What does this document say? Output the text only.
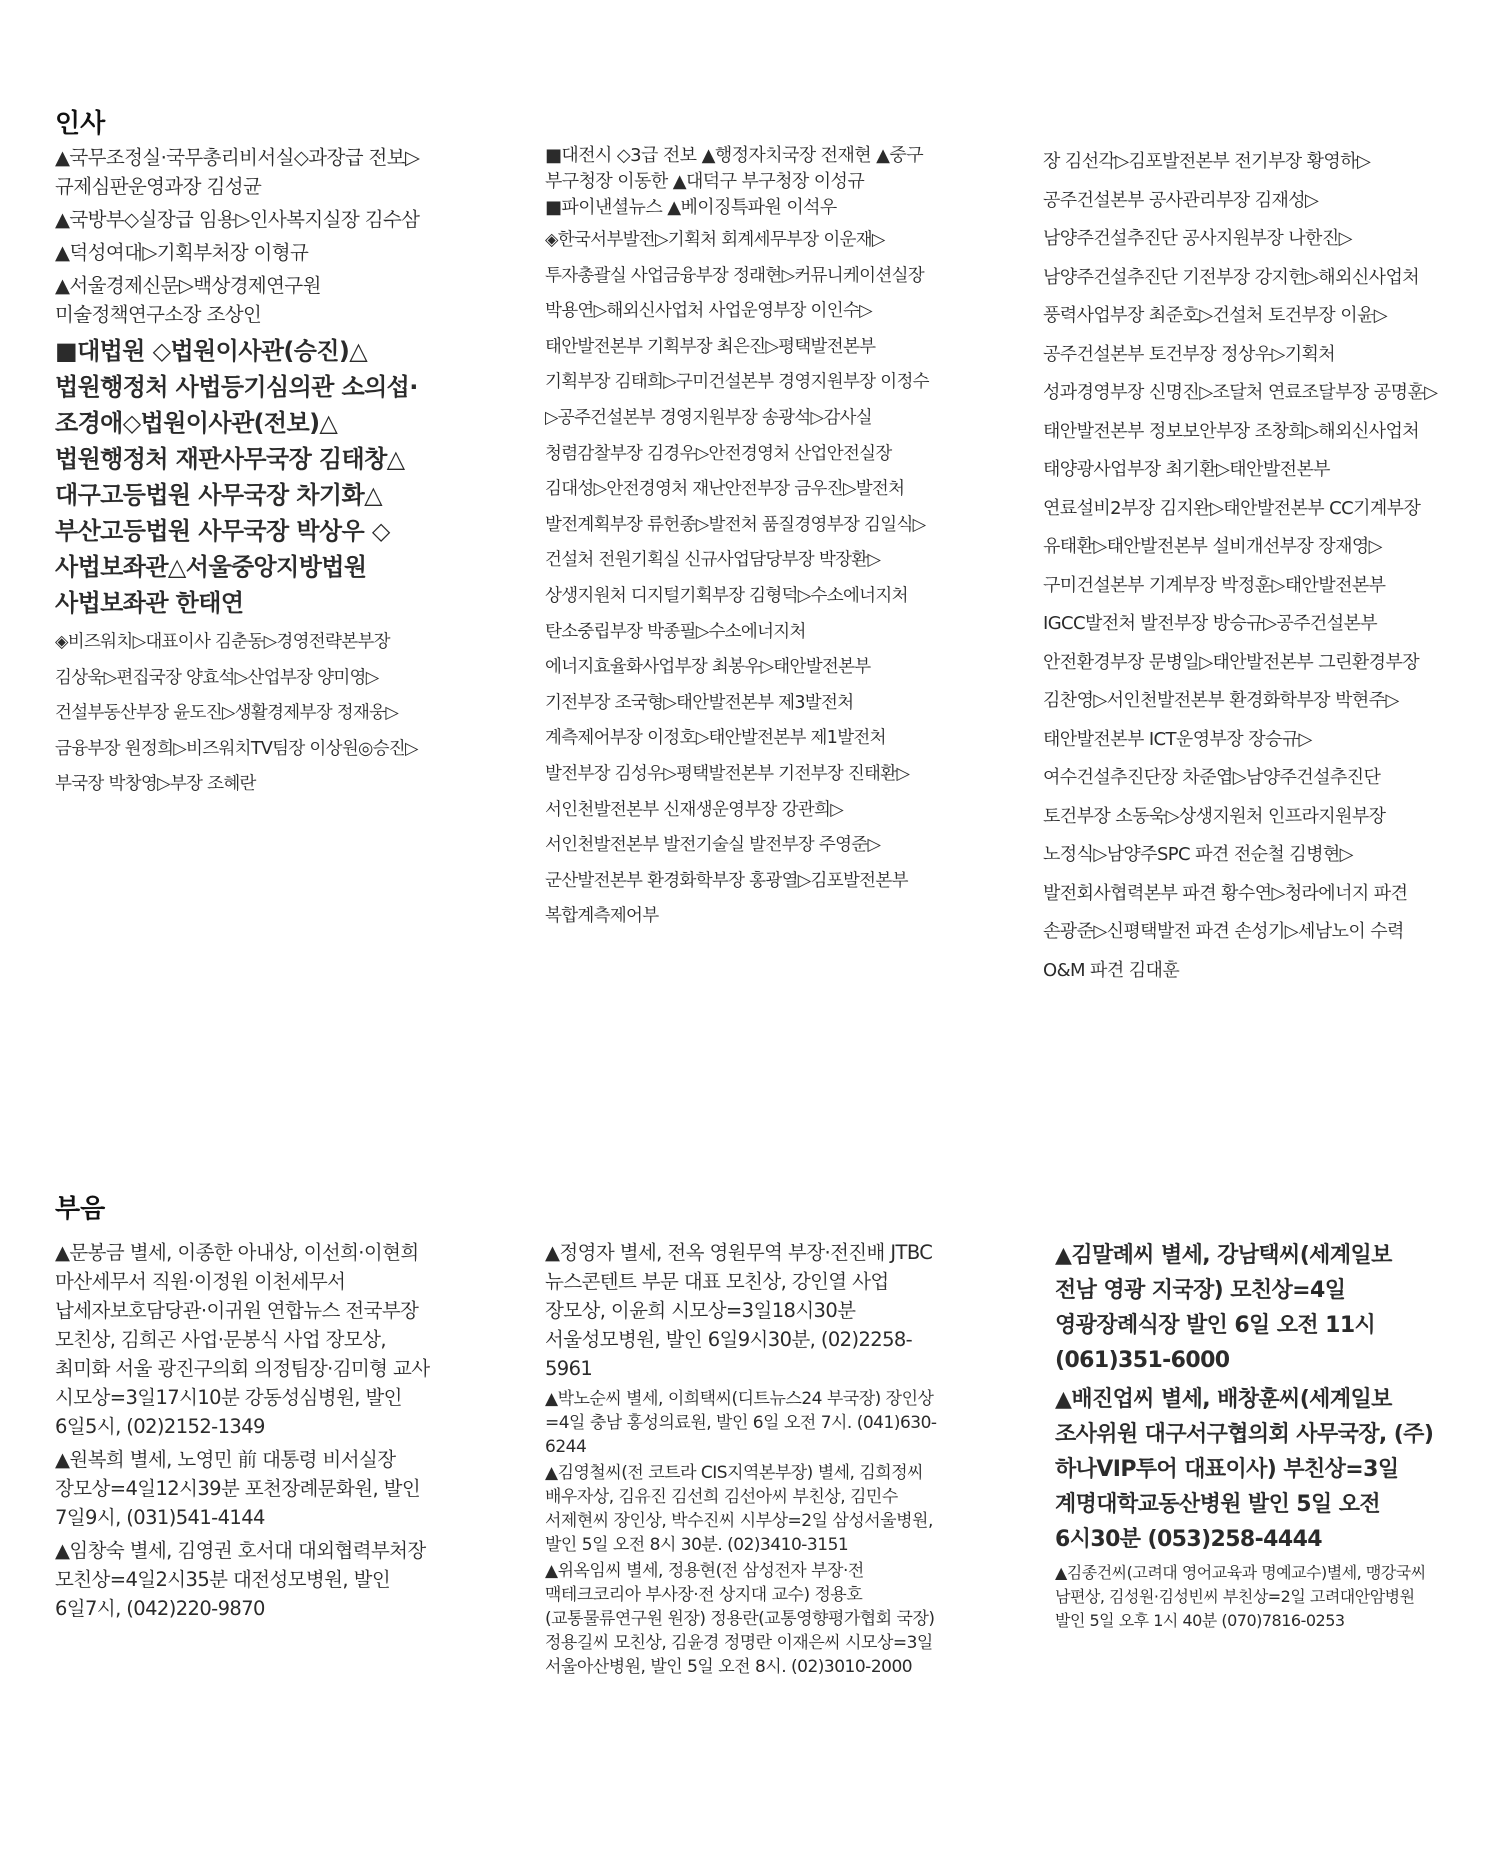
인사

▲국무조정실·국무총리비서실◇과장급 전보▷규제심판운영과장 김성균

▲국방부◇실장급 임용▷인사복지실장 김수삼

▲덕성여대▷기획부처장 이형규

▲서울경제신문▷백상경제연구원 미술정책연구소장 조상인

■대법원 ◇법원이사관(승진)△법원행정처 사법등기심의관 소의섭·조경애◇법원이사관(전보)△법원행정처 재판사무국장 김태창△대구고등법원 사무국장 차기화△부산고등법원 사무국장 박상우 ◇사법보좌관△서울중앙지방법원 사법보좌관 한태연

◈비즈워치▷대표이사 김춘동▷경영전략본부장 김상욱▷편집국장 양효석▷산업부장 양미영▷건설부동산부장 윤도진▷생활경제부장 정재웅▷금융부장 원정희▷비즈워치TV팀장 이상원◎승진▷부국장 박창영▷부장 조혜란

■대전시 ◇3급 전보 ▲행정자치국장 전재현 ▲중구 부구청장 이동한 ▲대덕구 부구청장 이성규

■파이낸셜뉴스 ▲베이징특파원 이석우

◈한국서부발전▷기획처 회계세무부장 이운재▷투자총괄실 사업금융부장 정래현▷커뮤니케이션실장 박용연▷해외신사업처 사업운영부장 이인수▷태안발전본부 기획부장 최은진▷평택발전본부 기획부장 김태희▷구미건설본부 경영지원부장 이정수▷공주건설본부 경영지원부장 송광석▷감사실 청렴감찰부장 김경우▷안전경영처 산업안전실장 김대성▷안전경영처 재난안전부장 금우진▷발전처 발전계획부장 류헌종▷발전처 품질경영부장 김일식▷건설처 전원기획실 신규사업담당부장 박장환▷상생지원처 디지털기획부장 김형덕▷수소에너지처 탄소중립부장 박종필▷수소에너지처 에너지효율화사업부장 최봉우▷태안발전본부 기전부장 조국형▷태안발전본부 제3발전처 계측제어부장 이정호▷태안발전본부 제1발전처 발전부장 김성우▷평택발전본부 기전부장 진태환▷서인천발전본부 신재생운영부장 강관희▷서인천발전본부 발전기술실 발전부장 주영준▷군산발전본부 환경화학부장 홍광열▷김포발전본부 복합계측제어부

장 김선각▷김포발전본부 전기부장 황영하▷공주건설본부 공사관리부장 김재성▷남양주건설추진단 공사지원부장 나한진▷남양주건설추진단 기전부장 강지헌▷해외신사업처 풍력사업부장 최준호▷건설처 토건부장 이윤▷공주건설본부 토건부장 정상우▷기획처 성과경영부장 신명진▷조달처 연료조달부장 공명훈▷태안발전본부 정보보안부장 조창희▷해외신사업처 태양광사업부장 최기환▷태안발전본부 연료설비2부장 김지완▷태안발전본부 CC기계부장 유태환▷태안발전본부 설비개선부장 장재영▷구미건설본부 기계부장 박정훈▷태안발전본부 IGCC발전처 발전부장 방승규▷공주건설본부 안전환경부장 문병일▷태안발전본부 그린환경부장 김찬영▷서인천발전본부 환경화학부장 박현주▷태안발전본부 ICT운영부장 장승규▷여수건설추진단장 차준엽▷남양주건설추진단 토건부장 소동욱▷상생지원처 인프라지원부장 노정식▷남양주SPC 파견 전순철 김병현▷발전회사협력본부 파견 황수연▷청라에너지 파견 손광준▷신평택발전 파견 손성기▷세남노이 수력 O&M 파견 김대훈

부음

▲문봉금 별세, 이종한 아내상, 이선희·이현희 마산세무서 직원·이정원 이천세무서 납세자보호담당관·이귀원 연합뉴스 전국부장 모친상, 김희곤 사업·문봉식 사업 장모상, 최미화 서울 광진구의회 의정팀장·김미형 교사 시모상=3일17시10분 강동성심병원, 발인 6일5시, (02)2152-1349

▲원복희 별세, 노영민 前 대통령 비서실장 장모상=4일12시39분 포천장례문화원, 발인 7일9시, (031)541-4144

▲임창숙 별세, 김영권 호서대 대외협력부처장 모친상=4일2시35분 대전성모병원, 발인 6일7시, (042)220-9870

▲정영자 별세, 전옥 영원무역 부장·전진배 JTBC 뉴스콘텐트 부문 대표 모친상, 강인열 사업 장모상, 이윤희 시모상=3일18시30분 서울성모병원, 발인 6일9시30분, (02)2258-5961

▲박노순씨 별세, 이희택씨(디트뉴스24 부국장) 장인상=4일 충남 홍성의료원, 발인 6일 오전 7시. (041)630-6244

▲김영철씨(전 코트라 CIS지역본부장) 별세, 김희정씨 배우자상, 김유진 김선희 김선아씨 부친상, 김민수 서제현씨 장인상, 박수진씨 시부상=2일 삼성서울병원, 발인 5일 오전 8시 30분. (02)3410-3151

▲위옥임씨 별세, 정용현(전 삼성전자 부장·전 맥테크코리아 부사장·전 상지대 교수) 정용호(교통물류연구원 원장) 정용란(교통영향평가협회 국장) 정용길씨 모친상, 김윤경 정명란 이재은씨 시모상=3일 서울아산병원, 발인 5일 오전 8시. (02)3010-2000

▲김말례씨 별세, 강남택씨(세계일보 전남 영광 지국장) 모친상=4일 영광장례식장 발인 6일 오전 11시 (061)351-6000

▲배진업씨 별세, 배창훈씨(세계일보 조사위원 대구서구협의회 사무국장, (주)하나VIP투어 대표이사) 부친상=3일 계명대학교동산병원 발인 5일 오전 6시30분 (053)258-4444

▲김종건씨(고려대 영어교육과 명예교수)별세, 맹강국씨 남편상, 김성원·김성빈씨 부친상=2일 고려대안암병원 발인 5일 오후 1시 40분 (070)7816-0253
